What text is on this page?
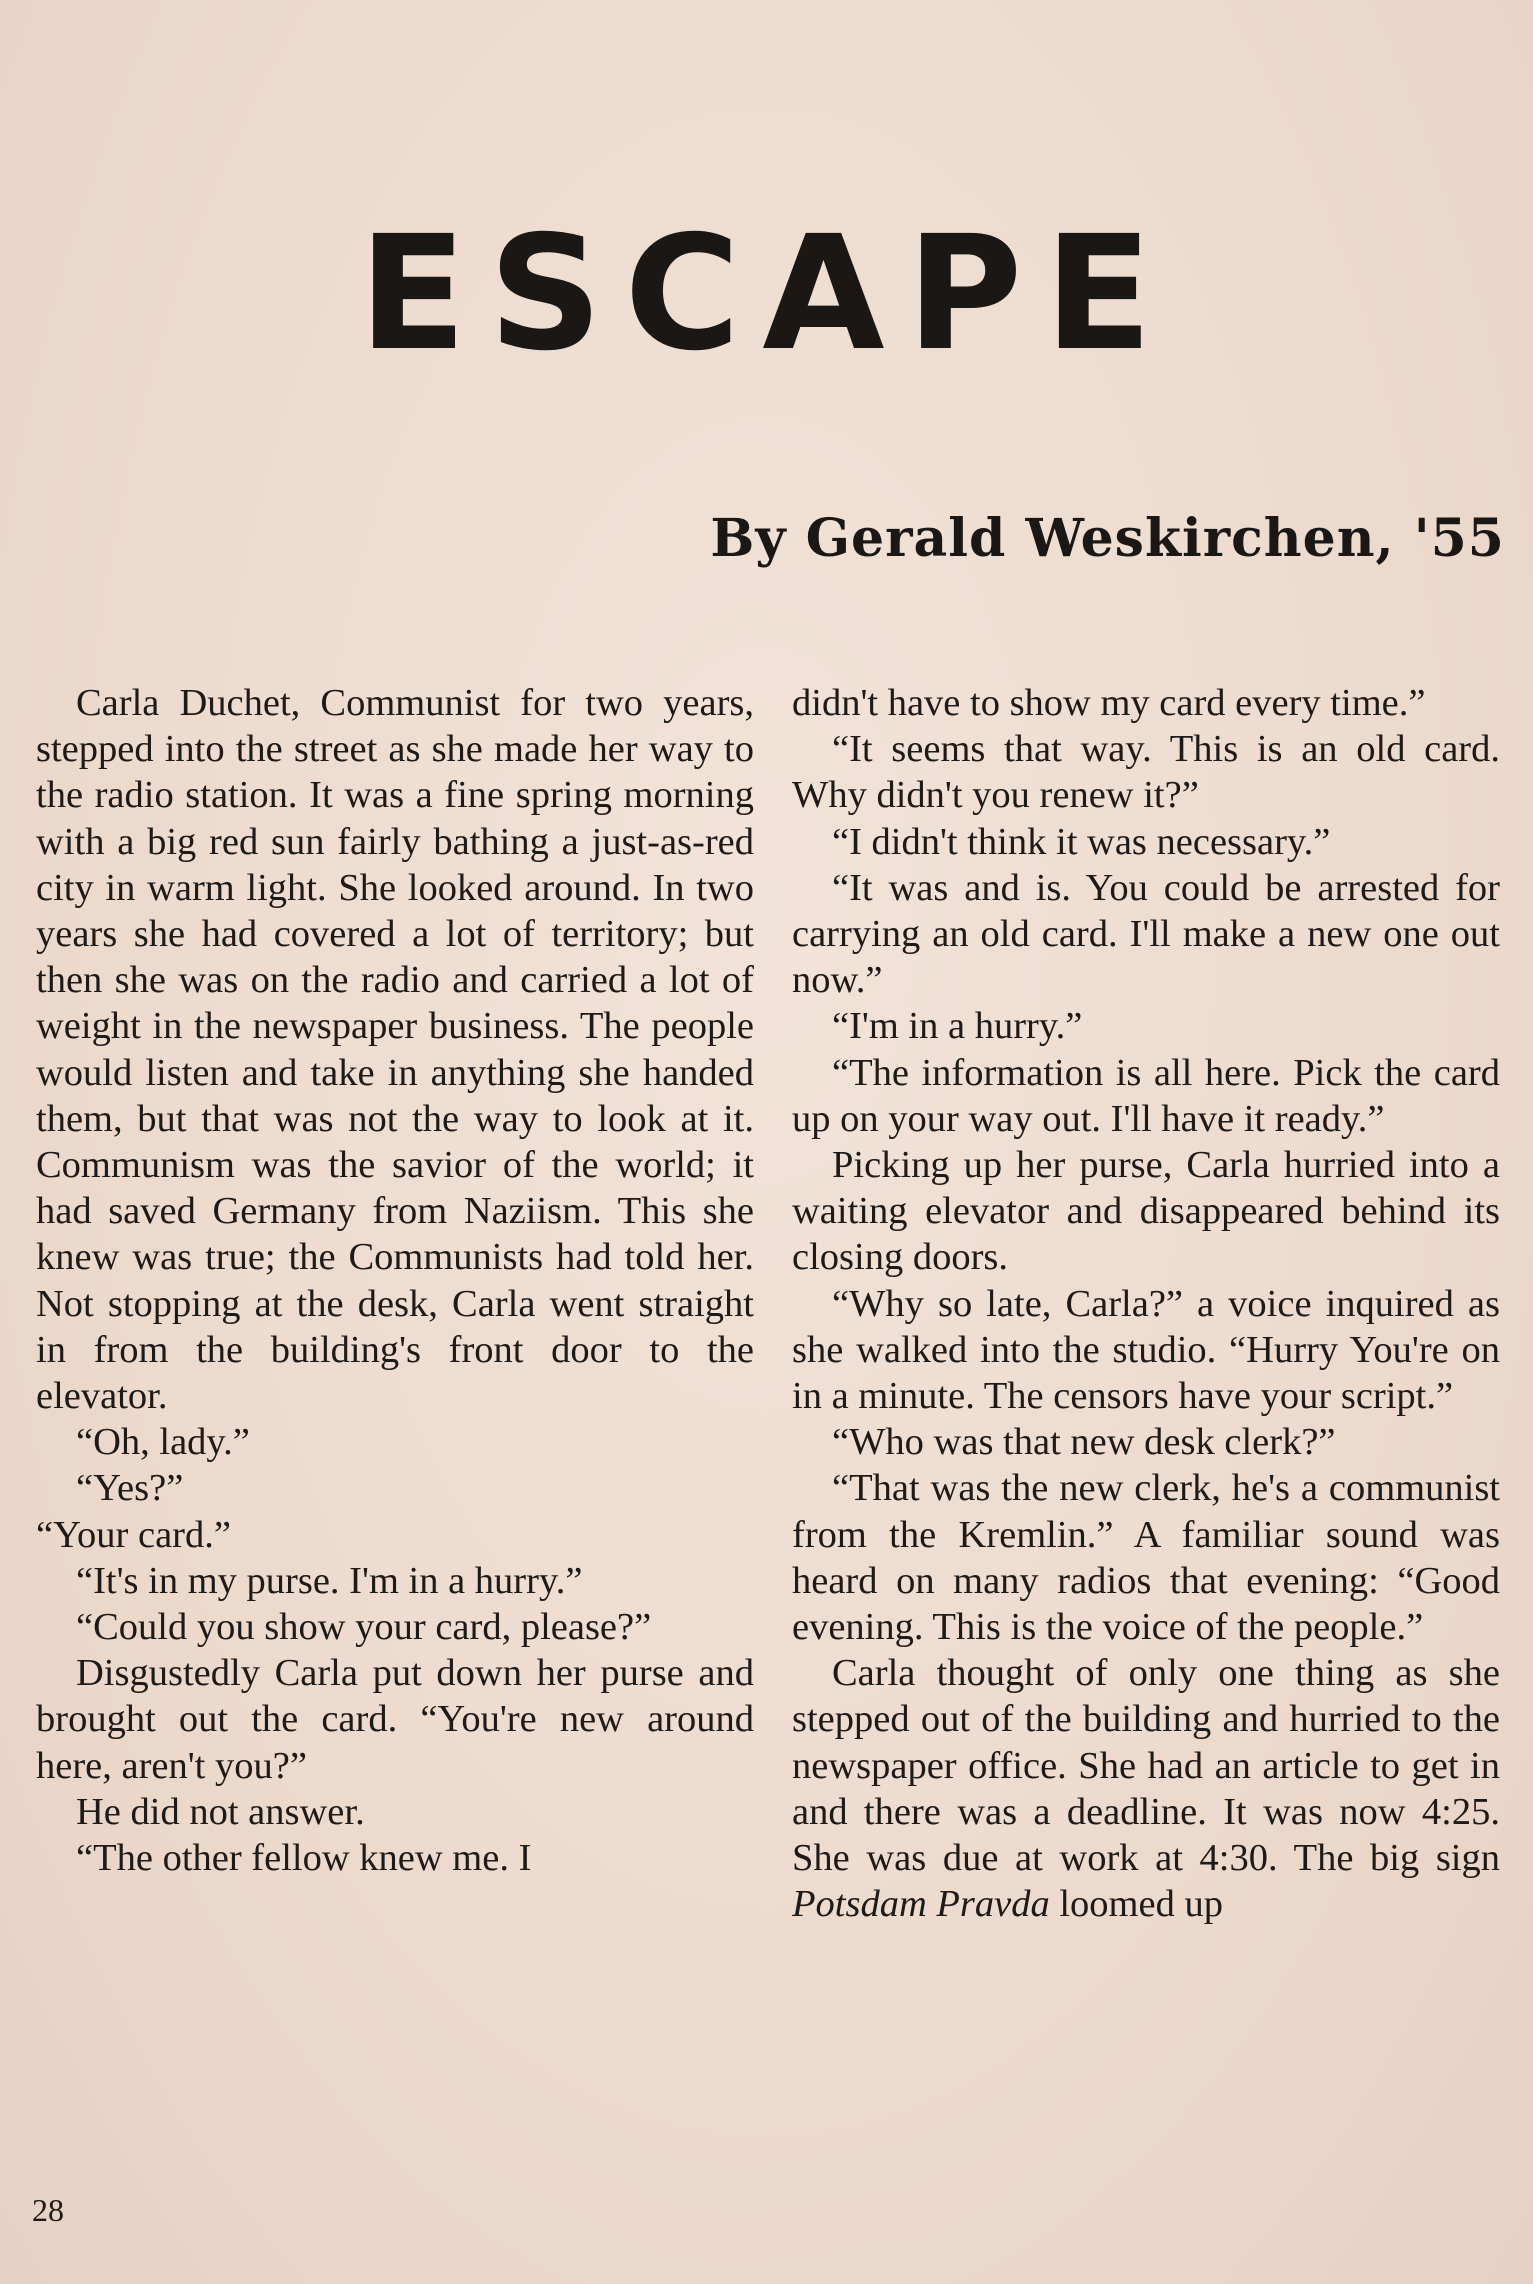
ESCAPE
By Gerald Weskirchen, '55

Carla Duchet, Communist for two years, stepped into the street as she made her way to the radio station. It was a fine spring morning with a big red sun fairly bathing a just-as-red city in warm light. She looked around. In two years she had covered a lot of territory; but then she was on the radio and carried a lot of weight in the newspaper business. The people would listen and take in anything she handed them, but that was not the way to look at it. Communism was the savior of the world; it had saved Germany from Naziism. This she knew was true; the Communists had told her. Not stopping at the desk, Carla went straight in from the building's front door to the elevator.

“Oh, lady.”

“Yes?”

“Your card.”

“It's in my purse. I'm in a hurry.”

“Could you show your card, please?”

Disgustedly Carla put down her purse and brought out the card. “You're new around here, aren't you?”

He did not answer.

“The other fellow knew me. I

didn't have to show my card every time.”

“It seems that way. This is an old card. Why didn't you renew it?”

“I didn't think it was necessary.”

“It was and is. You could be arrested for carrying an old card. I'll make a new one out now.”

“I'm in a hurry.”

“The information is all here. Pick the card up on your way out. I'll have it ready.”

Picking up her purse, Carla hurried into a waiting elevator and disappeared behind its closing doors.

“Why so late, Carla?” a voice inquired as she walked into the studio. “Hurry You're on in a minute. The censors have your script.”

“Who was that new desk clerk?”

“That was the new clerk, he's a communist from the Kremlin.” A familiar sound was heard on many radios that evening: “Good evening. This is the voice of the people.”

Carla thought of only one thing as she stepped out of the building and hurried to the newspaper office. She had an article to get in and there was a deadline. It was now 4:25. She was due at work at 4:30. The big sign Potsdam Pravda loomed up

28
